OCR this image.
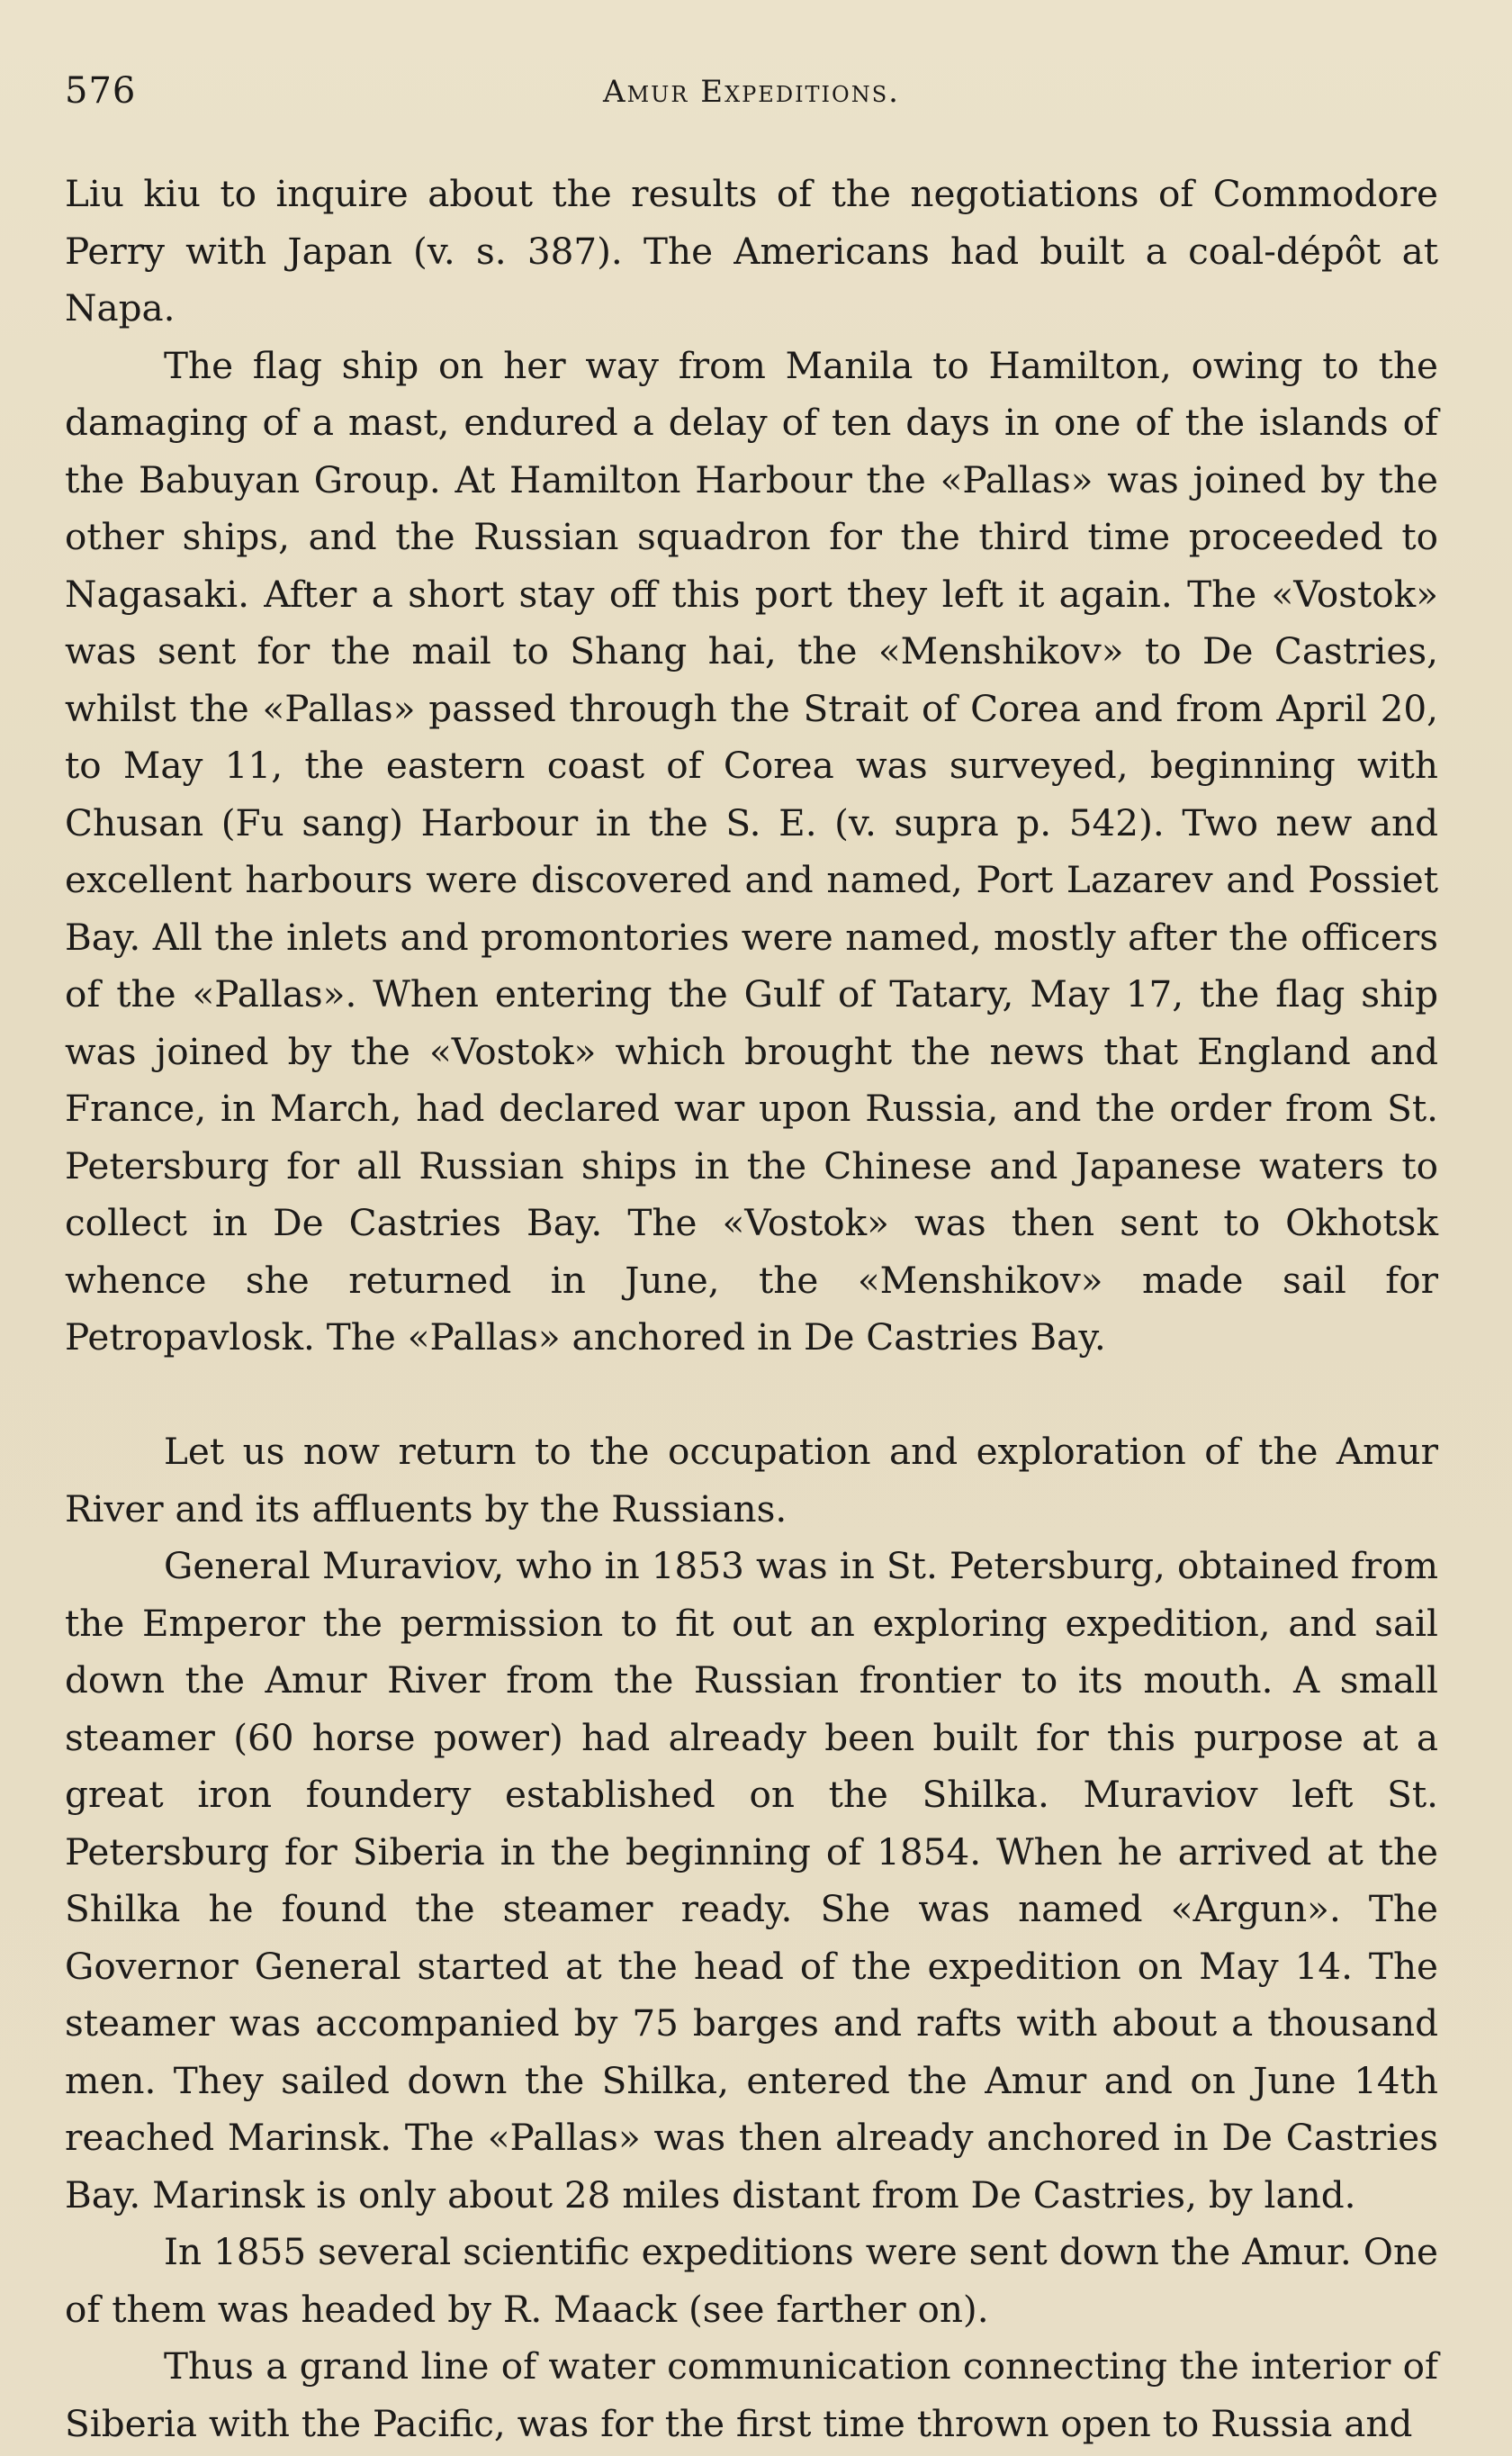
576	Amur Expeditions.

Liu kiu to inquire about the results of the negotiations of Commodore Perry with Japan (v. s. 387). The Americans had built a coal-dépôt at Napa.

The flag ship on her way from Manila to Hamilton, owing to the damaging of a mast, endured a delay of ten days in one of the islands of the Babuyan Group. At Hamilton Harbour the «Pallas» was joined by the other ships, and the Russian squadron for the third time proceeded to Nagasaki. After a short stay off this port they left it again. The «Vostok» was sent for the mail to Shang hai, the «Menshikov» to De Castries, whilst the «Pallas» passed through the Strait of Corea and from April 20, to May 11, the eastern coast of Corea was surveyed, beginning with Chusan (Fu sang) Harbour in the S. E. (v. supra p. 542). Two new and excellent harbours were discovered and named, Port Lazarev and Possiet Bay. All the inlets and promontories were named, mostly after the officers of the «Pallas». When entering the Gulf of Tatary, May 17, the flag ship was joined by the «Vostok» which brought the news that England and France, in March, had declared war upon Russia, and the order from St. Petersburg for all Russian ships in the Chinese and Japanese waters to collect in De Castries Bay. The «Vostok» was then sent to Okhotsk whence she returned in June, the «Menshikov» made sail for Petropavlosk. The «Pallas» anchored in De Castries Bay.

Let us now return to the occupation and exploration of the Amur River and its affluents by the Russians.

General Muraviov, who in 1853 was in St. Petersburg, obtained from the Emperor the permission to fit out an exploring expedition, and sail down the Amur River from the Russian frontier to its mouth. A small steamer (60 horse power) had already been built for this purpose at a great iron foundery established on the Shilka. Muraviov left St. Petersburg for Siberia in the beginning of 1854. When he arrived at the Shilka he found the steamer ready. She was named «Argun». The Governor General started at the head of the expedition on May 14. The steamer was accompanied by 75 barges and rafts with about a thousand men. They sailed down the Shilka, entered the Amur and on June 14th reached Marinsk. The «Pallas» was then already anchored in De Castries Bay. Marinsk is only about 28 miles distant from De Castries, by land.

In 1855 several scientific expeditions were sent down the Amur. One of them was headed by R. Maack (see farther on).

Thus a grand line of water communication connecting the interior of Siberia with the Pacific, was for the first time thrown open to Russia and
